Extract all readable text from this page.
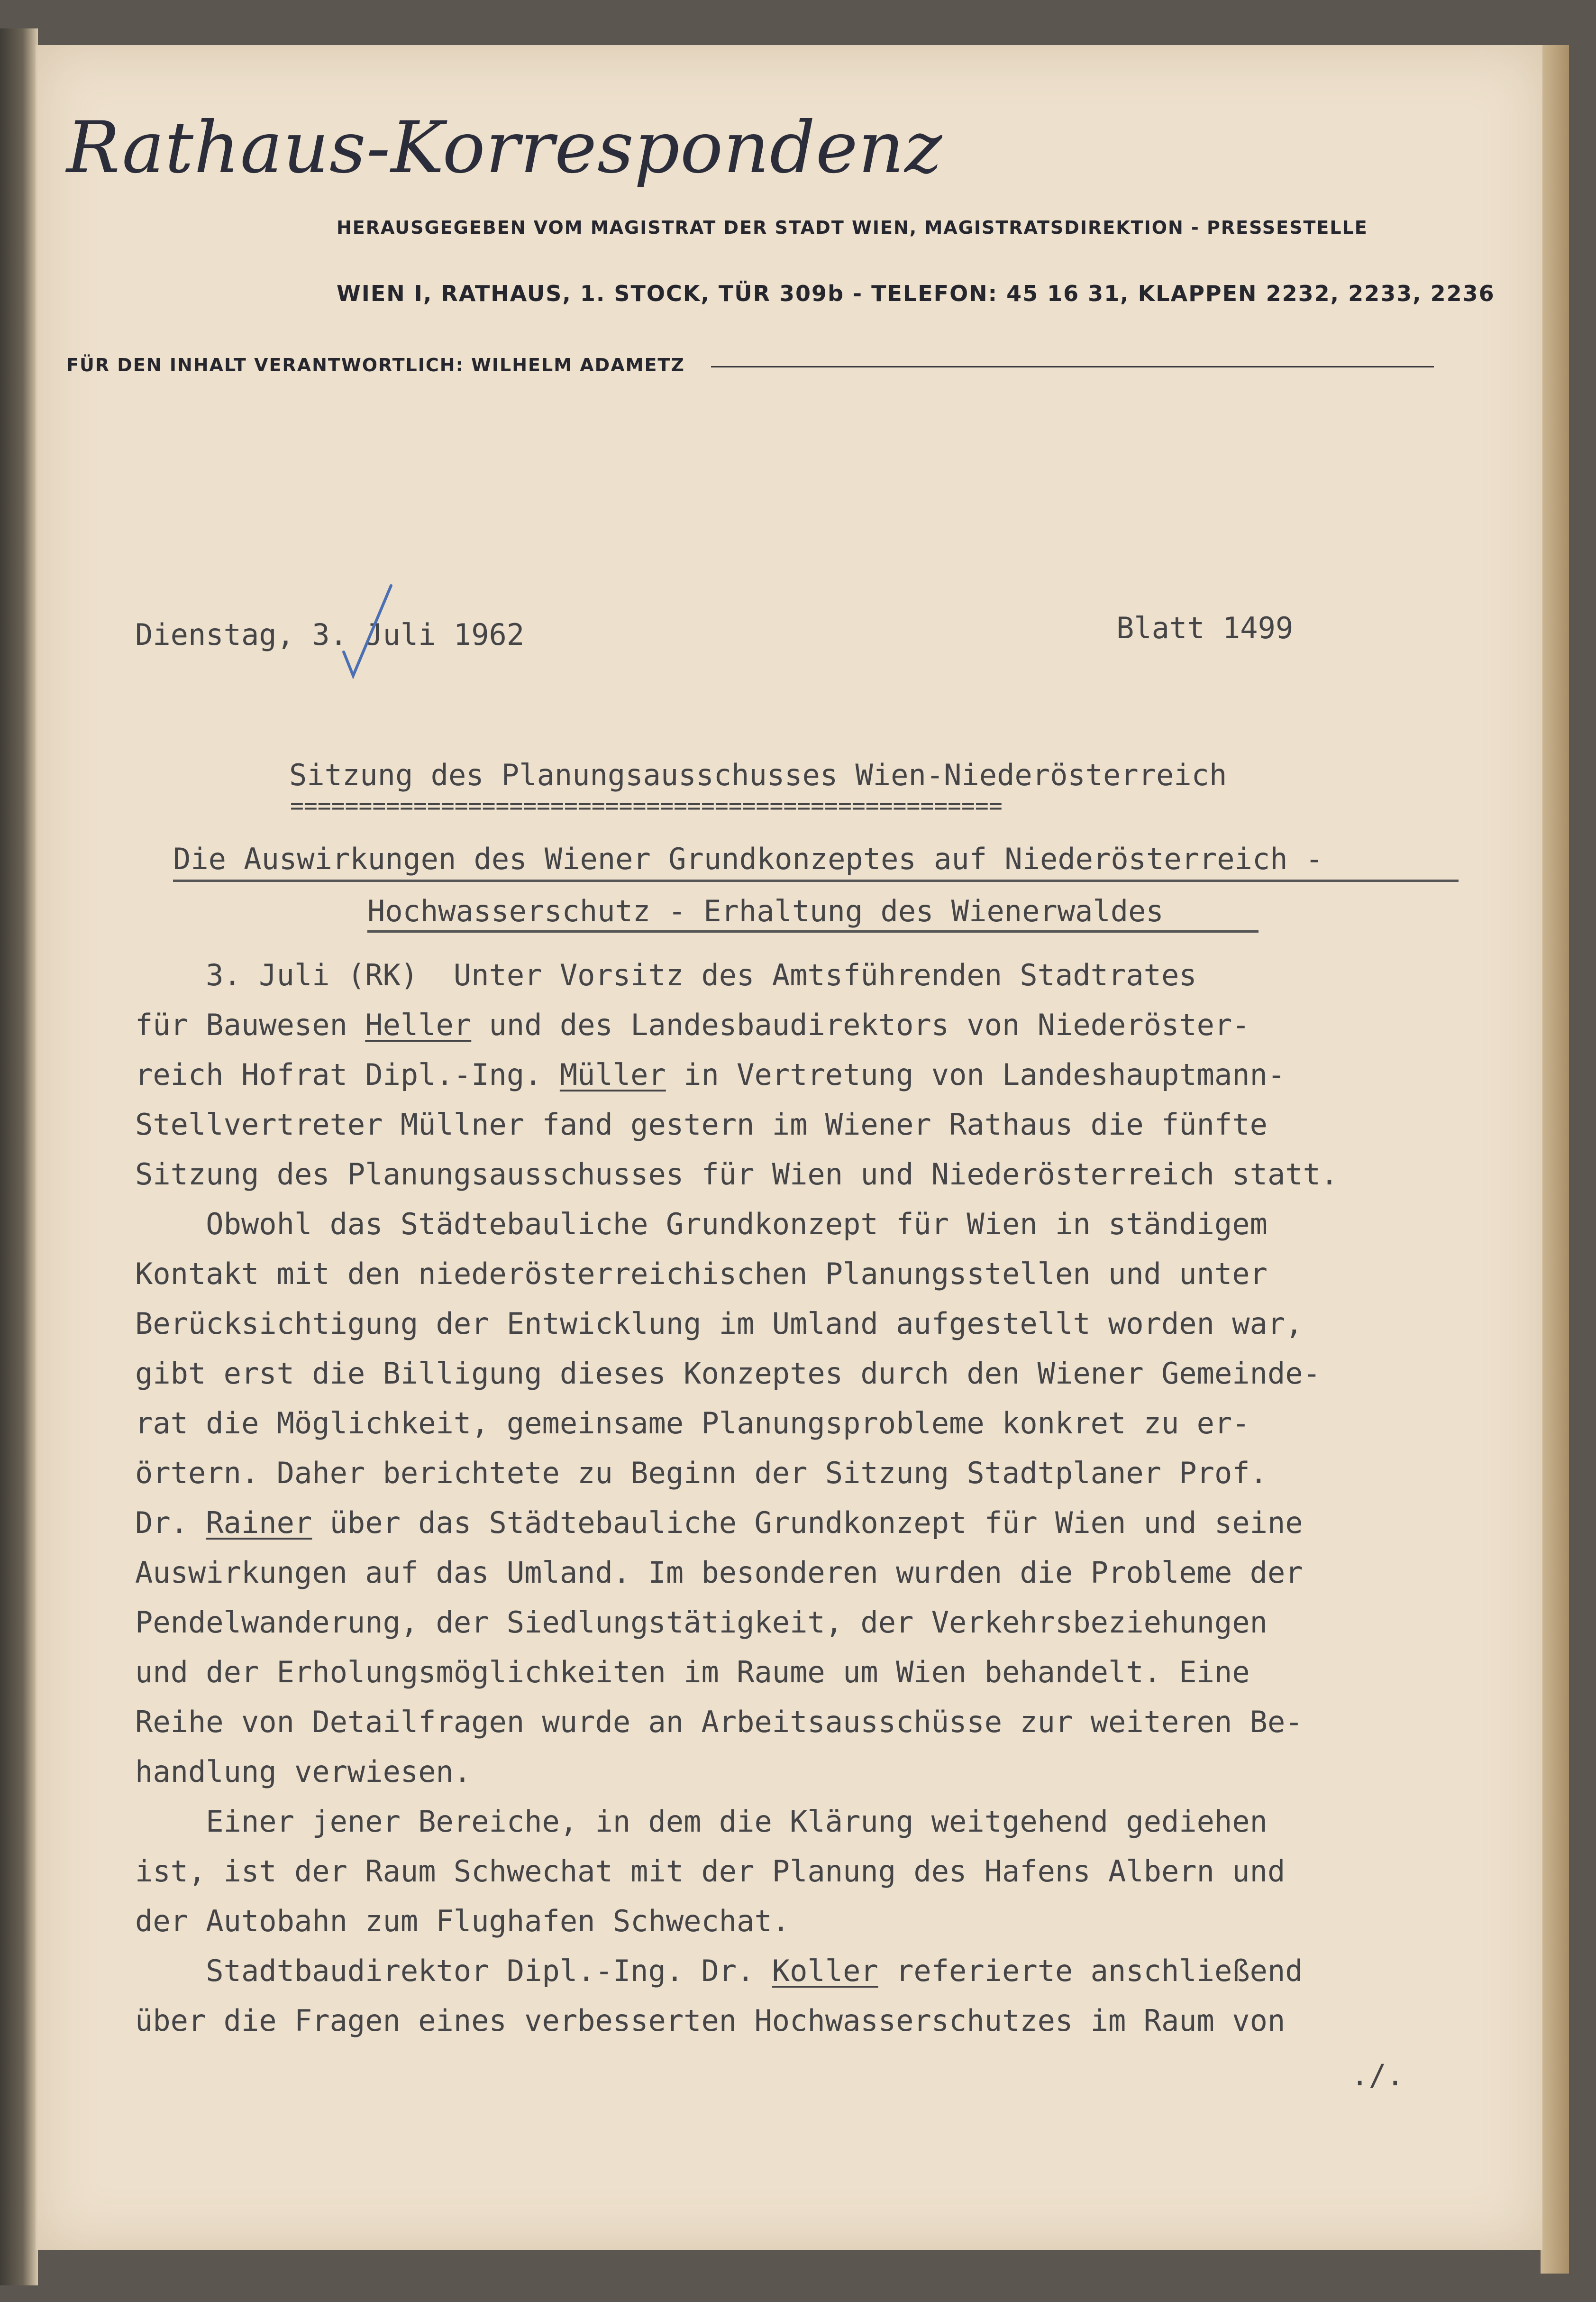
Rathaus-Korrespondenz
HERAUSGEGEBEN VOM MAGISTRAT DER STADT WIEN, MAGISTRATSDIREKTION - PRESSESTELLE
WIEN I, RATHAUS, 1. STOCK, TÜR 309b - TELEFON: 45 16 31, KLAPPEN 2232, 2233, 2236
FÜR DEN INHALT VERANTWORTLICH: WILHELM ADAMETZ
Dienstag, 3. Juli 1962	Blatt 1499
Sitzung des Planungsausschusses Wien-Niederösterreich
====================================================
Die Auswirkungen des Wiener Grundkonzeptes auf Niederösterreich -
Hochwasserschutz - Erhaltung des Wienerwaldes
3. Juli (RK)  Unter Vorsitz des Amtsführenden Stadtrates
für Bauwesen Heller und des Landesbaudirektors von Niederöster-
reich Hofrat Dipl.-Ing. Müller in Vertretung von Landeshauptmann-
Stellvertreter Müllner fand gestern im Wiener Rathaus die fünfte
Sitzung des Planungsausschusses für Wien und Niederösterreich statt.
Obwohl das Städtebauliche Grundkonzept für Wien in ständigem
Kontakt mit den niederösterreichischen Planungsstellen und unter
Berücksichtigung der Entwicklung im Umland aufgestellt worden war,
gibt erst die Billigung dieses Konzeptes durch den Wiener Gemeinde-
rat die Möglichkeit, gemeinsame Planungsprobleme konkret zu er-
örtern. Daher berichtete zu Beginn der Sitzung Stadtplaner Prof.
Dr. Rainer über das Städtebauliche Grundkonzept für Wien und seine
Auswirkungen auf das Umland. Im besonderen wurden die Probleme der
Pendelwanderung, der Siedlungstätigkeit, der Verkehrsbeziehungen
und der Erholungsmöglichkeiten im Raume um Wien behandelt. Eine
Reihe von Detailfragen wurde an Arbeitsausschüsse zur weiteren Be-
handlung verwiesen.
Einer jener Bereiche, in dem die Klärung weitgehend gediehen
ist, ist der Raum Schwechat mit der Planung des Hafens Albern und
der Autobahn zum Flughafen Schwechat.
Stadtbaudirektor Dipl.-Ing. Dr. Koller referierte anschließend
über die Fragen eines verbesserten Hochwasserschutzes im Raum von
./.
